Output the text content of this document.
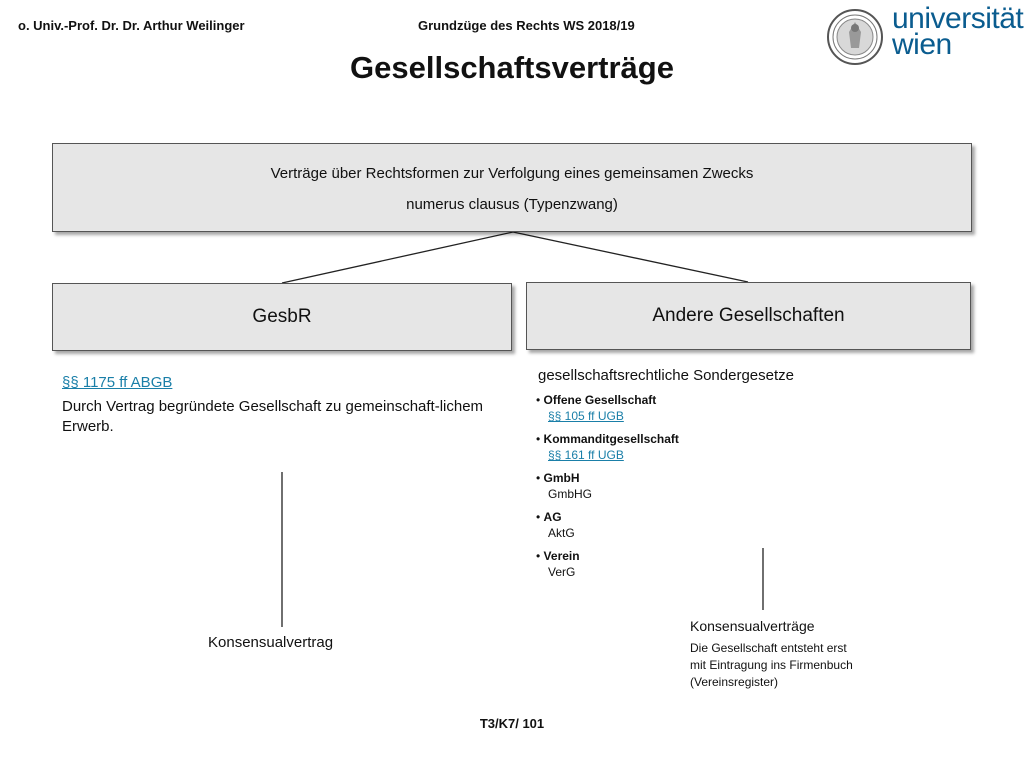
o. Univ.-Prof. Dr. Dr. Arthur Weilinger	Grundzüge des Rechts WS 2018/19	universität
wien
Gesellschaftsverträge
Verträge über Rechtsformen zur Verfolgung eines gemeinsamen Zwecks
numerus clausus (Typenzwang)
GesbR	Andere Gesellschaften
§§ 1175 ff ABGB
Durch Vertrag begründete Gesellschaft zu gemeinschaft-lichem Erwerb.
gesellschaftsrechtliche Sondergesetze
• Offene Gesellschaft
§§ 105 ff UGB
• Kommanditgesellschaft
§§ 161 ff UGB
• GmbH
GmbHG
• AG
AktG
• Verein
VerG
Konsensualvertrag
Konsensualverträge
Die Gesellschaft entsteht erst mit Eintragung ins Firmenbuch (Vereinsregister)
T3/K7/ 101
